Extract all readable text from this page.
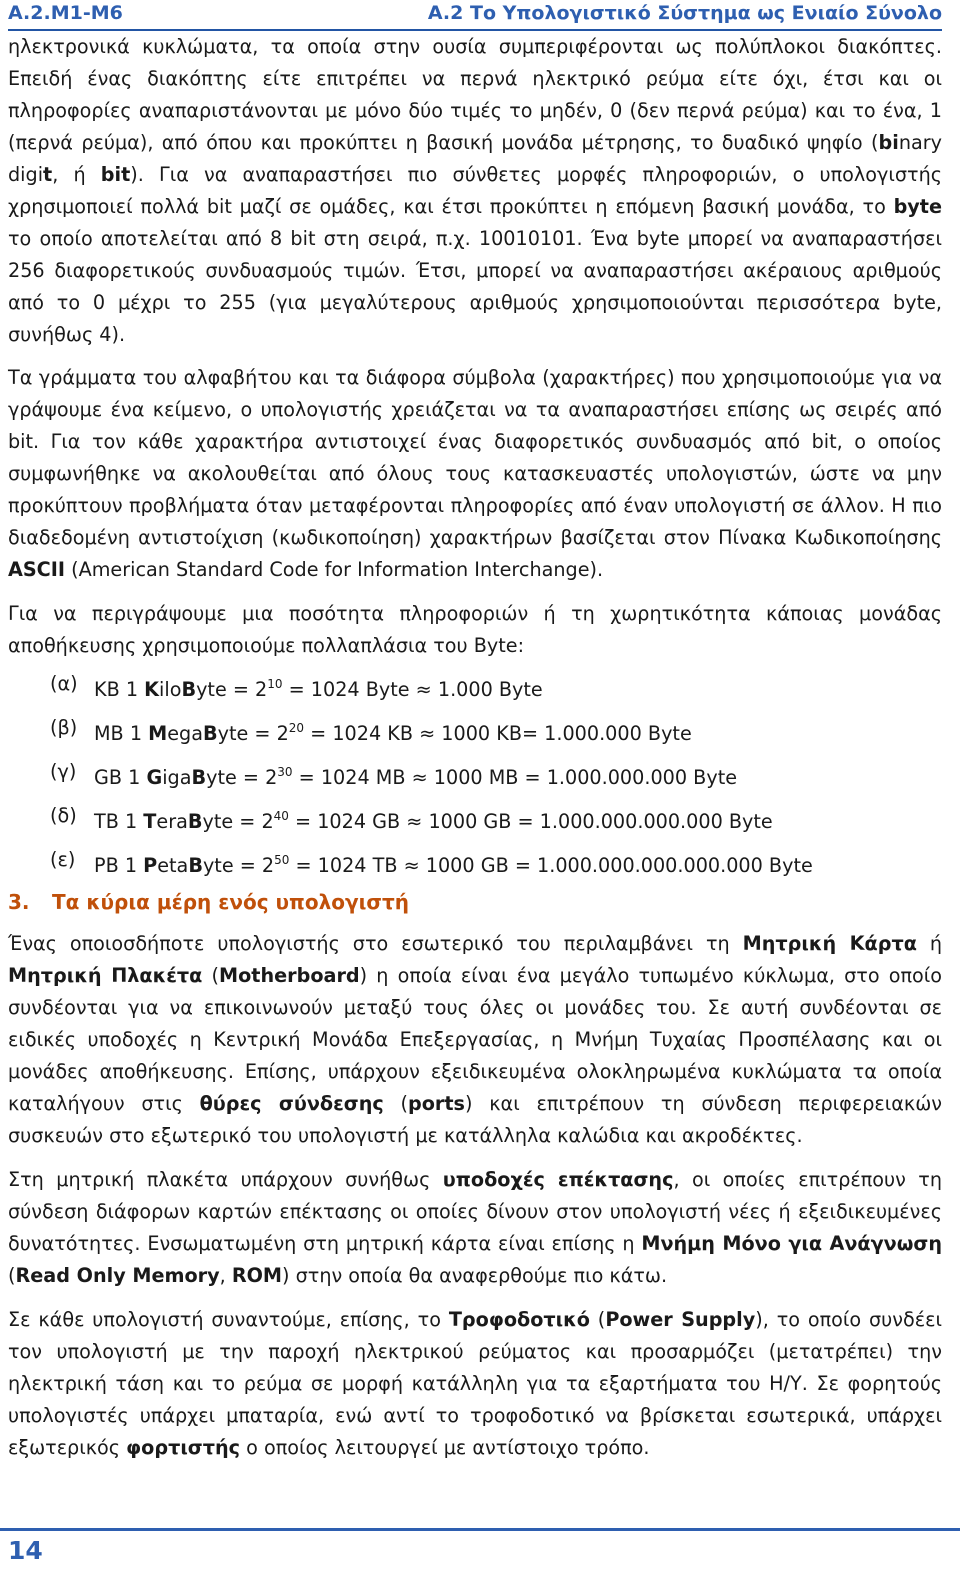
A.2.M1-M6	A.2 Το Υπολογιστικό Σύστημα ως Ενιαίο Σύνολο

ηλεκτρονικά κυκλώματα, τα οποία στην ουσία συμπεριφέρονται ως πολύπλοκοι διακόπτες. Επειδή ένας διακόπτης είτε επιτρέπει να περνά ηλεκτρικό ρεύμα είτε όχι, έτσι και οι πληροφορίες αναπαριστάνονται με μόνο δύο τιμές το μηδέν, 0 (δεν περνά ρεύμα) και το ένα, 1 (περνά ρεύμα), από όπου και προκύπτει η βασική μονάδα μέτρησης, το δυαδικό ψηφίο (binary digit, ή bit). Για να αναπαραστήσει πιο σύνθετες μορφές πληροφοριών, ο υπολογιστής χρησιμοποιεί πολλά bit μαζί σε ομάδες, και έτσι προκύπτει η επόμενη βασική μονάδα, το byte το οποίο αποτελείται από 8 bit στη σειρά, π.χ. 10010101. Ένα byte μπορεί να αναπαραστήσει 256 διαφορετικούς συνδυασμούς τιμών. Έτσι, μπορεί να αναπαραστήσει ακέραιους αριθμούς από το 0 μέχρι το 255 (για μεγαλύτερους αριθμούς χρησιμοποιούνται περισσότερα byte, συνήθως 4).

Τα γράμματα του αλφαβήτου και τα διάφορα σύμβολα (χαρακτήρες) που χρησιμοποιούμε για να γράψουμε ένα κείμενο, ο υπολογιστής χρειάζεται να τα αναπαραστήσει επίσης ως σειρές από bit. Για τον κάθε χαρακτήρα αντιστοιχεί ένας διαφορετικός συνδυασμός από bit, ο οποίος συμφωνήθηκε να ακολουθείται από όλους τους κατασκευαστές υπολογιστών, ώστε να μην προκύπτουν προβλήματα όταν μεταφέρονται πληροφορίες από έναν υπολογιστή σε άλλον. Η πιο διαδεδομένη αντιστοίχιση (κωδικοποίηση) χαρακτήρων βασίζεται στον Πίνακα Κωδικοποίησης ASCII (American Standard Code for Information Interchange).

Για να περιγράψουμε μια ποσότητα πληροφοριών ή τη χωρητικότητα κάποιας μονάδας αποθήκευσης χρησιμοποιούμε πολλαπλάσια του Byte:

(α) KB 1 KiloByte = $2^{10} = 1024$ Byte ≈ 1.000 Byte
(β) MB 1 MegaByte = $2^{20} = 1024$ KB ≈ 1000 KB= 1.000.000 Byte
(γ) GB 1 GigaByte = $2^{30} = 1024$ MB ≈ 1000 MB = 1.000.000.000 Byte
(δ) TB 1 TeraByte = $2^{40} = 1024$ GB ≈ 1000 GB = 1.000.000.000.000 Byte
(ε) PB 1 PetaByte = $2^{50} = 1024$ TB ≈ 1000 GB = 1.000.000.000.000.000 Byte
3. Τα κύρια μέρη ενός υπολογιστή

Ένας οποιοσδήποτε υπολογιστής στο εσωτερικό του περιλαμβάνει τη Μητρική Κάρτα ή Μητρική Πλακέτα (Motherboard) η οποία είναι ένα μεγάλο τυπωμένο κύκλωμα, στο οποίο συνδέονται για να επικοινωνούν μεταξύ τους όλες οι μονάδες του. Σε αυτή συνδέονται σε ειδικές υποδοχές η Κεντρική Μονάδα Επεξεργασίας, η Μνήμη Τυχαίας Προσπέλασης και οι μονάδες αποθήκευσης. Επίσης, υπάρχουν εξειδικευμένα ολοκληρωμένα κυκλώματα τα οποία καταλήγουν στις θύρες σύνδεσης (ports) και επιτρέπουν τη σύνδεση περιφερειακών συσκευών στο εξωτερικό του υπολογιστή με κατάλληλα καλώδια και ακροδέκτες.

Στη μητρική πλακέτα υπάρχουν συνήθως υποδοχές επέκτασης, οι οποίες επιτρέπουν τη σύνδεση διάφορων καρτών επέκτασης οι οποίες δίνουν στον υπολογιστή νέες ή εξειδικευμένες δυνατότητες. Ενσωματωμένη στη μητρική κάρτα είναι επίσης η Μνήμη Μόνο για Ανάγνωση (Read Only Memory, ROM) στην οποία θα αναφερθούμε πιο κάτω.

Σε κάθε υπολογιστή συναντούμε, επίσης, το Τροφοδοτικό (Power Supply), το οποίο συνδέει τον υπολογιστή με την παροχή ηλεκτρικού ρεύματος και προσαρμόζει (μετατρέπει) την ηλεκτρική τάση και το ρεύμα σε μορφή κατάλληλη για τα εξαρτήματα του Η/Υ. Σε φορητούς υπολογιστές υπάρχει μπαταρία, ενώ αντί το τροφοδοτικό να βρίσκεται εσωτερικά, υπάρχει εξωτερικός φορτιστής ο οποίος λειτουργεί με αντίστοιχο τρόπο.

14
